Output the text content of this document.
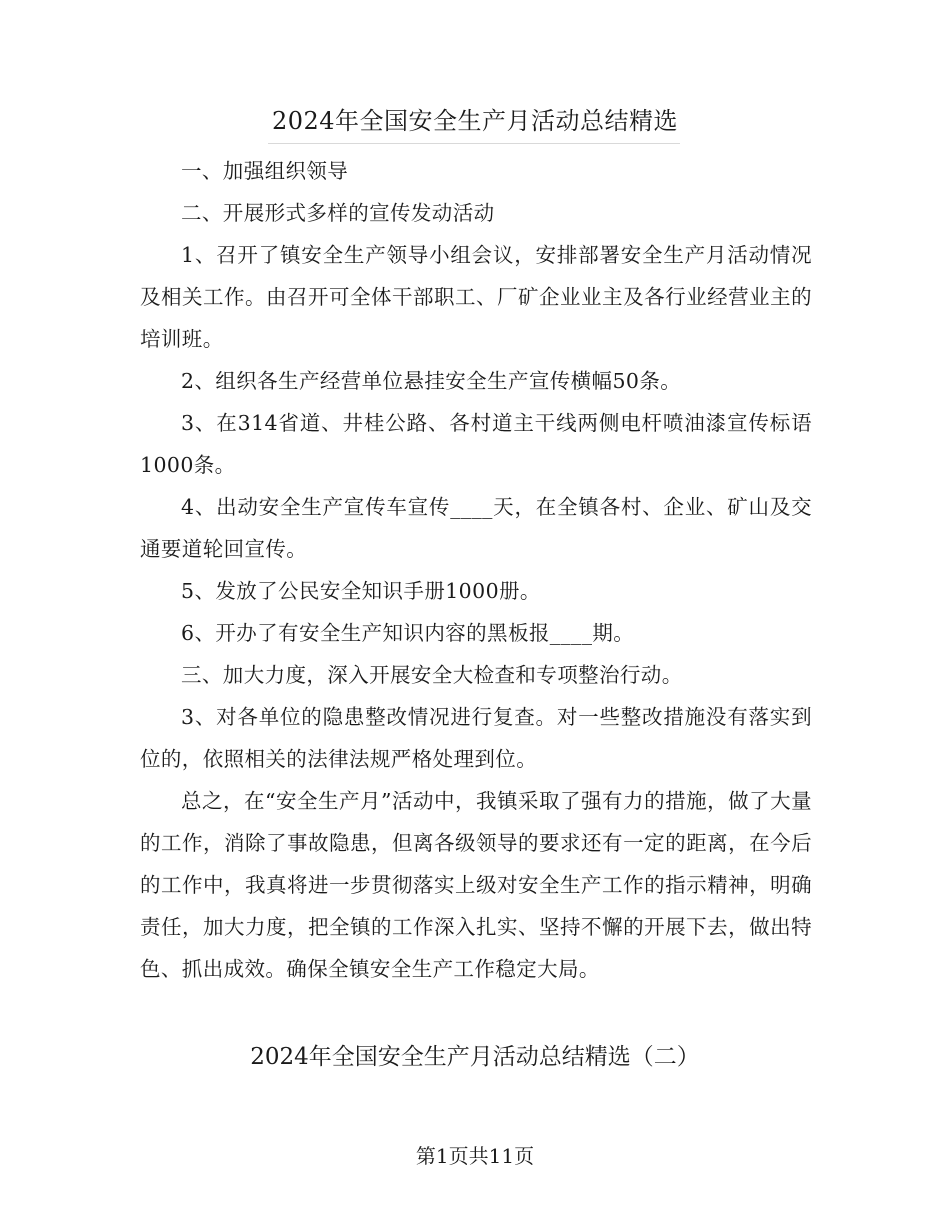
2024年全国安全生产月活动总结精选

一、加强组织领导

二、开展形式多样的宣传发动活动

1、召开了镇安全生产领导小组会议，安排部署安全生产月活动情况及相关工作。由召开可全体干部职工、厂矿企业业主及各行业经营业主的培训班。

2、组织各生产经营单位悬挂安全生产宣传横幅50条。

3、在314省道、井桂公路、各村道主干线两侧电杆喷油漆宣传标语1000条。

4、出动安全生产宣传车宣传____天，在全镇各村、企业、矿山及交通要道轮回宣传。

5、发放了公民安全知识手册1000册。

6、开办了有安全生产知识内容的黑板报____期。

三、加大力度，深入开展安全大检查和专项整治行动。

3、对各单位的隐患整改情况进行复查。对一些整改措施没有落实到位的，依照相关的法律法规严格处理到位。

总之，在“安全生产月”活动中，我镇采取了强有力的措施，做了大量的工作，消除了事故隐患，但离各级领导的要求还有一定的距离，在今后的工作中，我真将进一步贯彻落实上级对安全生产工作的指示精神，明确责任，加大力度，把全镇的工作深入扎实、坚持不懈的开展下去，做出特色、抓出成效。确保全镇安全生产工作稳定大局。

2024年全国安全生产月活动总结精选（二）
第1页共11页
